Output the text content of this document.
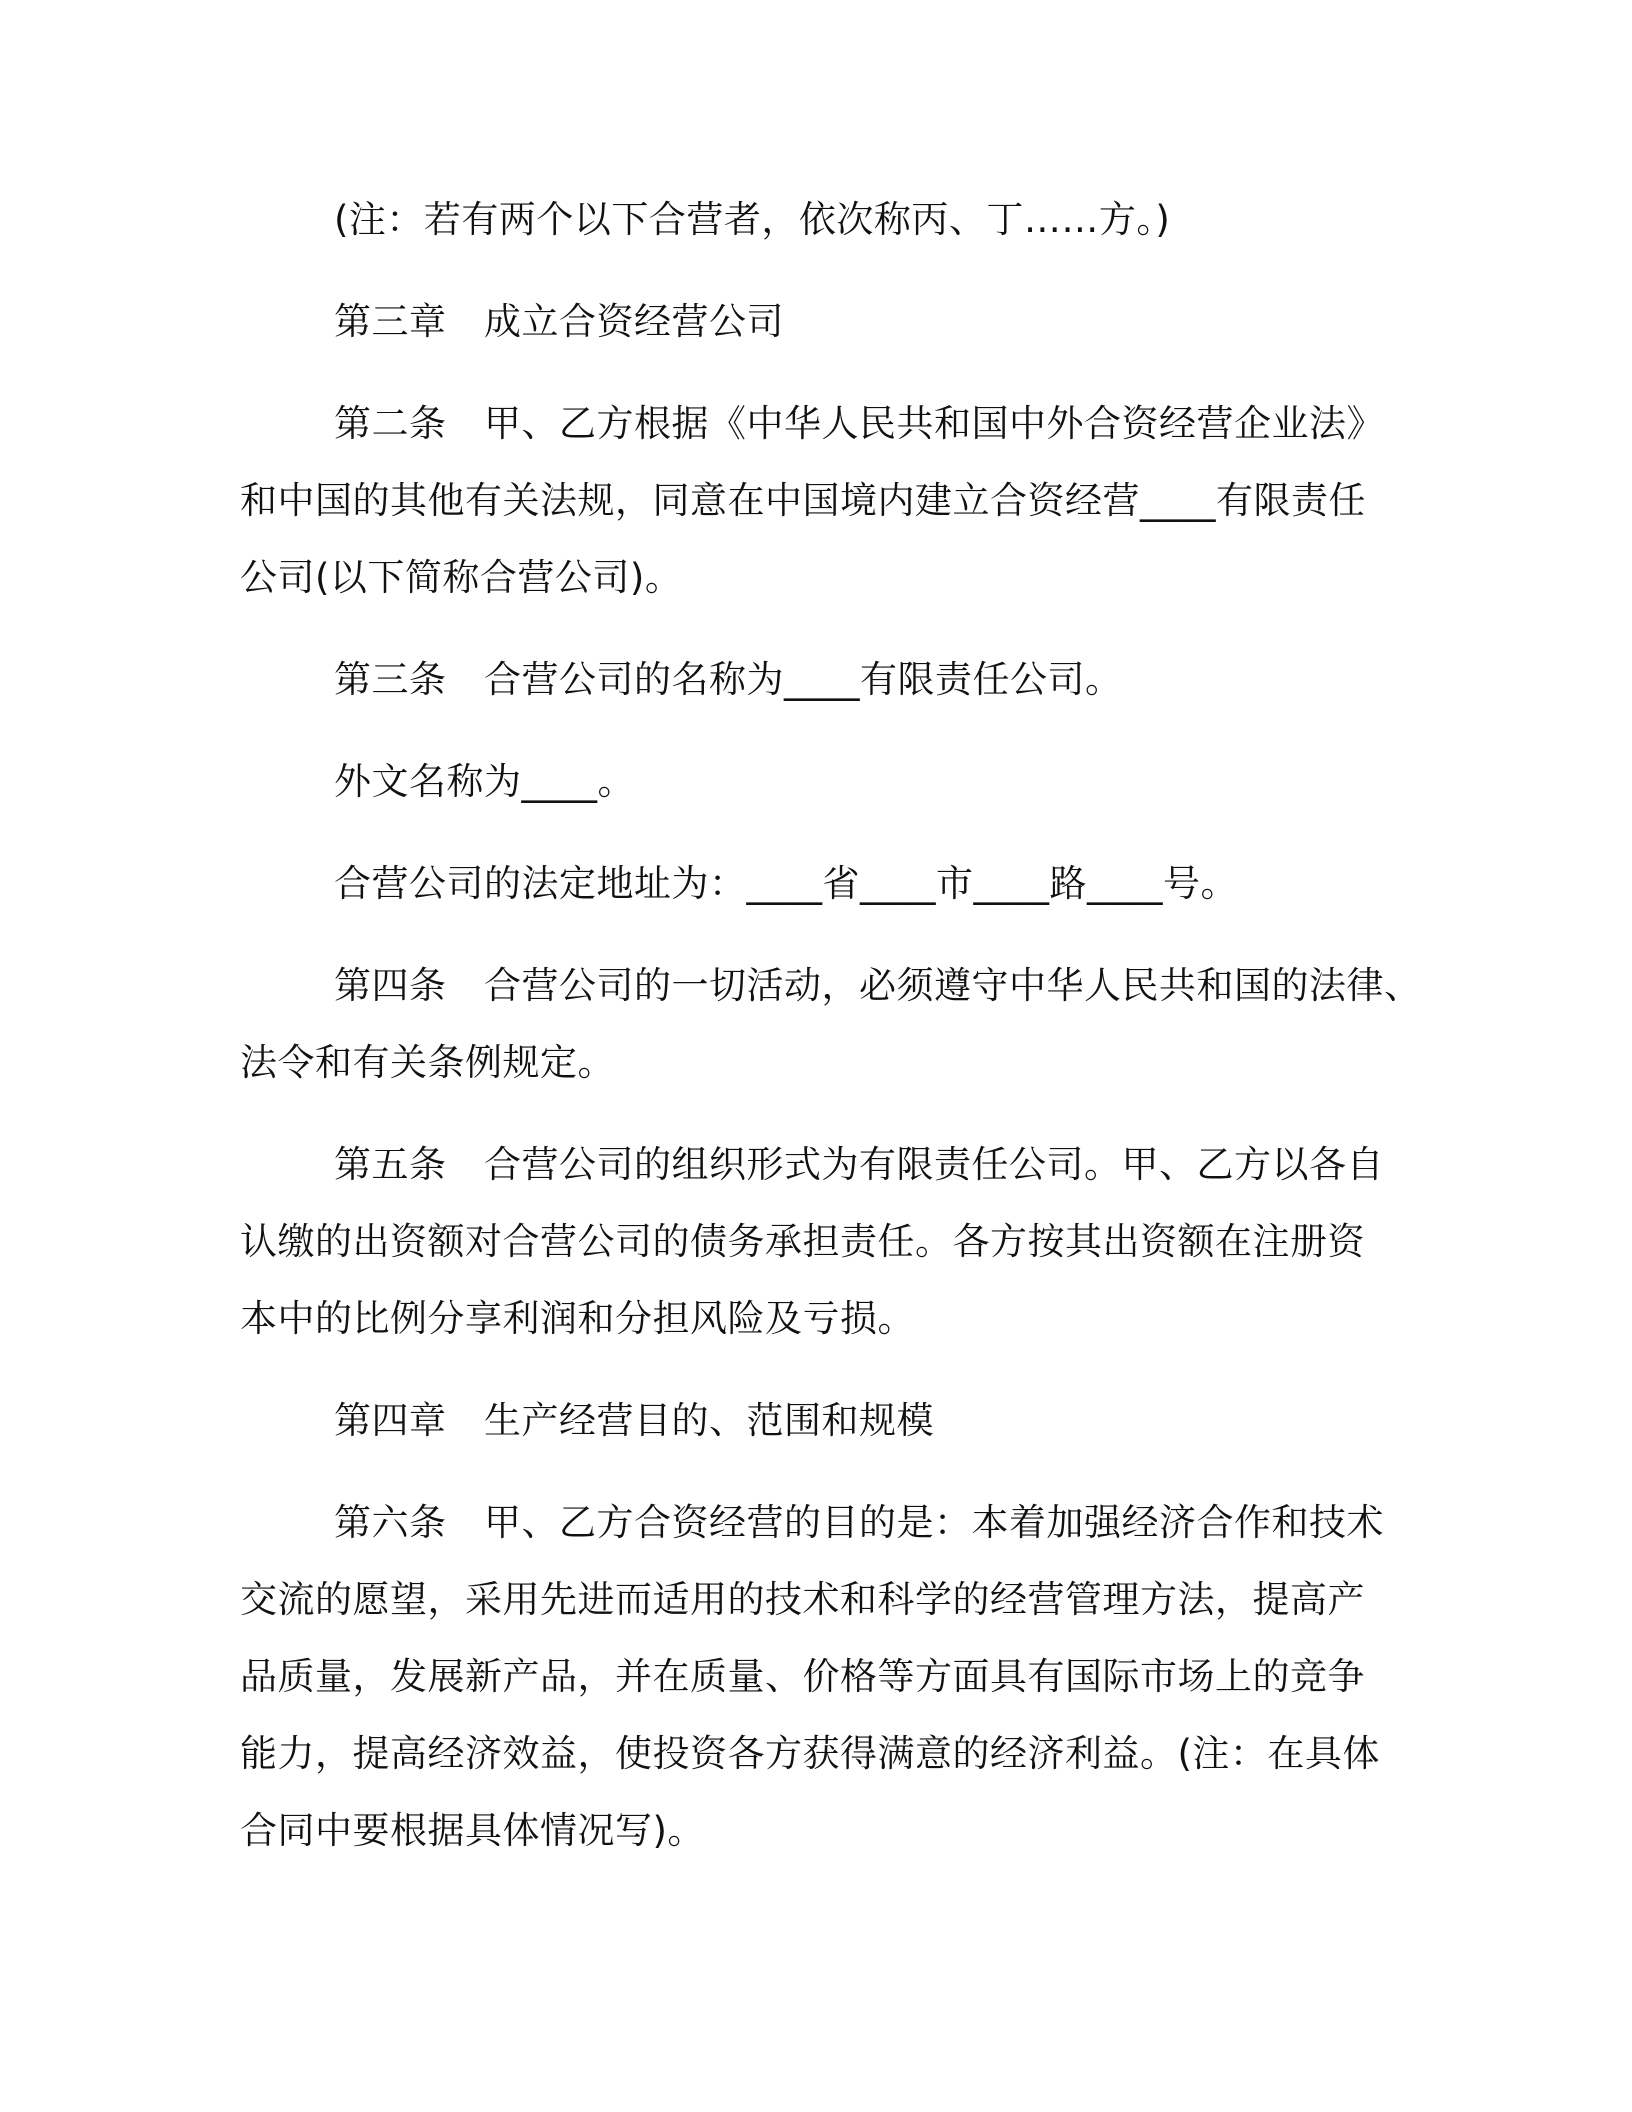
(注：若有两个以下合营者，依次称丙、丁……方。)
第三章　成立合资经营公司
第二条　甲、乙方根据《中华人民共和国中外合资经营企业法》
和中国的其他有关法规，同意在中国境内建立合资经营____有限责任
公司(以下简称合营公司)。
第三条　合营公司的名称为____有限责任公司。
外文名称为____。
合营公司的法定地址为：____省____市____路____号。
第四条　合营公司的一切活动，必须遵守中华人民共和国的法律、
法令和有关条例规定。
第五条　合营公司的组织形式为有限责任公司。甲、乙方以各自
认缴的出资额对合营公司的债务承担责任。各方按其出资额在注册资
本中的比例分享利润和分担风险及亏损。
第四章　生产经营目的、范围和规模
第六条　甲、乙方合资经营的目的是：本着加强经济合作和技术
交流的愿望，采用先进而适用的技术和科学的经营管理方法，提高产
品质量，发展新产品，并在质量、价格等方面具有国际市场上的竞争
能力，提高经济效益，使投资各方获得满意的经济利益。(注：在具体
合同中要根据具体情况写)。
